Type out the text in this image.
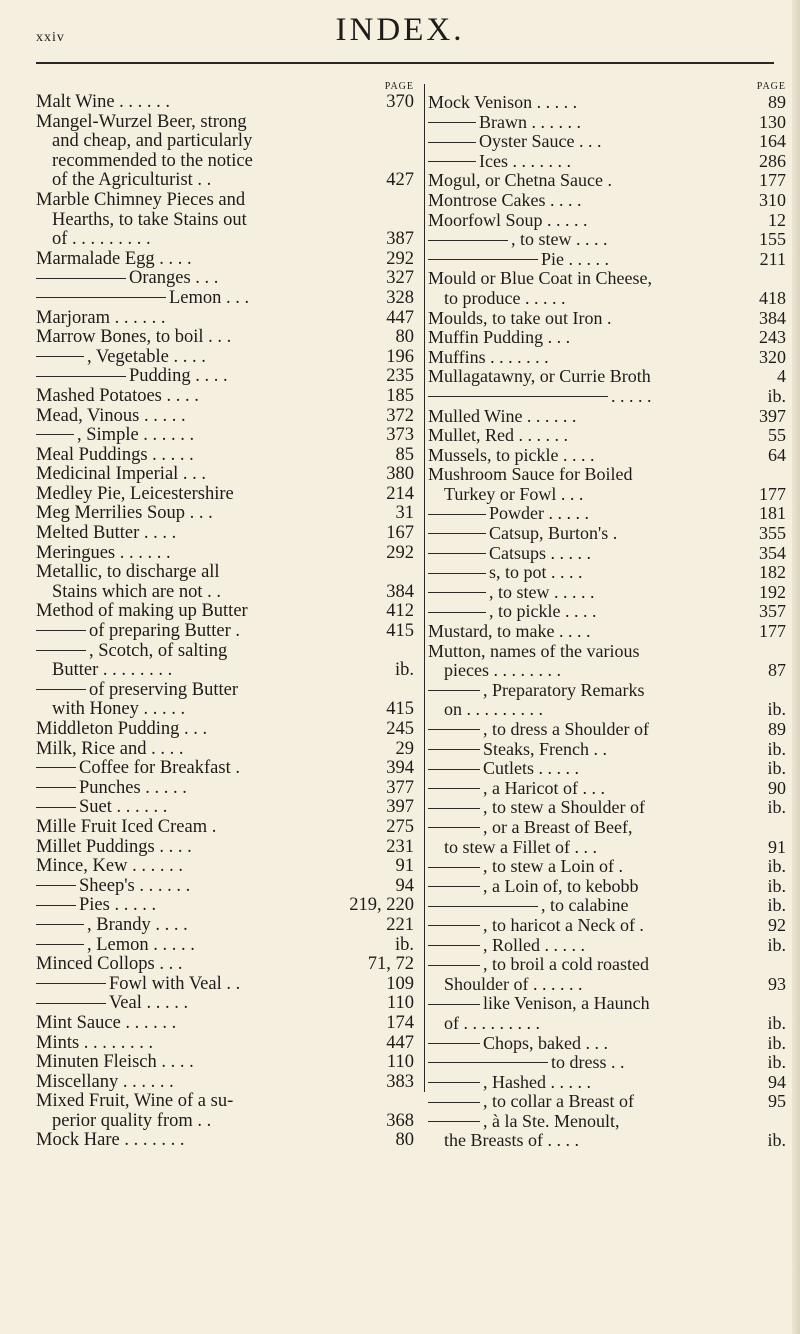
xxiv	INDEX.
PAGE
Malt Wine . . . . . .	370
Mangel-Wurzel Beer, strong
and cheap, and particularly
recommended to the notice
of the Agriculturist . .	427
Marble Chimney Pieces and
Hearths, to take Stains out
of . . . . . . . . .	387
Marmalade Egg . . . .	292
Oranges . . .	327
Lemon . . .	328
Marjoram . . . . . .	447
Marrow Bones, to boil . . .	80
, Vegetable . . . .	196
Pudding . . . .	235
Mashed Potatoes . . . .	185
Mead, Vinous . . . . .	372
, Simple . . . . . .	373
Meal Puddings . . . . .	85
Medicinal Imperial . . .	380
Medley Pie, Leicestershire	214
Meg Merrilies Soup . . .	31
Melted Butter . . . .	167
Meringues . . . . . .	292
Metallic, to discharge all
Stains which are not . .	384
Method of making up Butter	412
of preparing Butter .	415
, Scotch, of salting
Butter . . . . . . . .	ib.
of preserving Butter
with Honey . . . . .	415
Middleton Pudding . . .	245
Milk, Rice and . . . .	29
Coffee for Breakfast .	394
Punches . . . . .	377
Suet . . . . . .	397
Mille Fruit Iced Cream .	275
Millet Puddings . . . .	231
Mince, Kew . . . . . .	91
Sheep's . . . . . .	94
Pies . . . . .	219, 220
, Brandy . . . .	221
, Lemon . . . . .	ib.
Minced Collops . . .	71, 72
Fowl with Veal . .	109
Veal . . . . .	110
Mint Sauce . . . . . .	174
Mints . . . . . . . .	447
Minuten Fleisch . . . .	110
Miscellany . . . . . .	383
Mixed Fruit, Wine of a su-
perior quality from . .	368
Mock Hare . . . . . . .	80
PAGE
Mock Venison . . . . .	89
Brawn . . . . . .	130
Oyster Sauce . . .	164
Ices . . . . . . .	286
Mogul, or Chetna Sauce .	177
Montrose Cakes . . . .	310
Moorfowl Soup . . . . .	12
, to stew . . . .	155
Pie . . . . .	211
Mould or Blue Coat in Cheese,
to produce . . . . .	418
Moulds, to take out Iron .	384
Muffin Pudding . . .	243
Muffins . . . . . . .	320
Mullagatawny, or Currie Broth	4
. . . . .	ib.
Mulled Wine . . . . . .	397
Mullet, Red . . . . . .	55
Mussels, to pickle . . . .	64
Mushroom Sauce for Boiled
Turkey or Fowl . . .	177
Powder . . . . .	181
Catsup, Burton's .	355
Catsups . . . . .	354
s, to pot . . . .	182
, to stew . . . . .	192
, to pickle . . . .	357
Mustard, to make . . . .	177
Mutton, names of the various
pieces . . . . . . . .	87
, Preparatory Remarks
on . . . . . . . . .	ib.
, to dress a Shoulder of	89
Steaks, French . .	ib.
Cutlets . . . . .	ib.
, a Haricot of . . .	90
, to stew a Shoulder of	ib.
, or a Breast of Beef,
to stew a Fillet of . . .	91
, to stew a Loin of .	ib.
, a Loin of, to kebobb	ib.
, to calabine	ib.
, to haricot a Neck of .	92
, Rolled . . . . .	ib.
, to broil a cold roasted
Shoulder of . . . . . .	93
like Venison, a Haunch
of . . . . . . . . .	ib.
Chops, baked . . .	ib.
to dress . .	ib.
, Hashed . . . . .	94
, to collar a Breast of	95
, à la Ste. Menoult,
the Breasts of . . . .	ib.
